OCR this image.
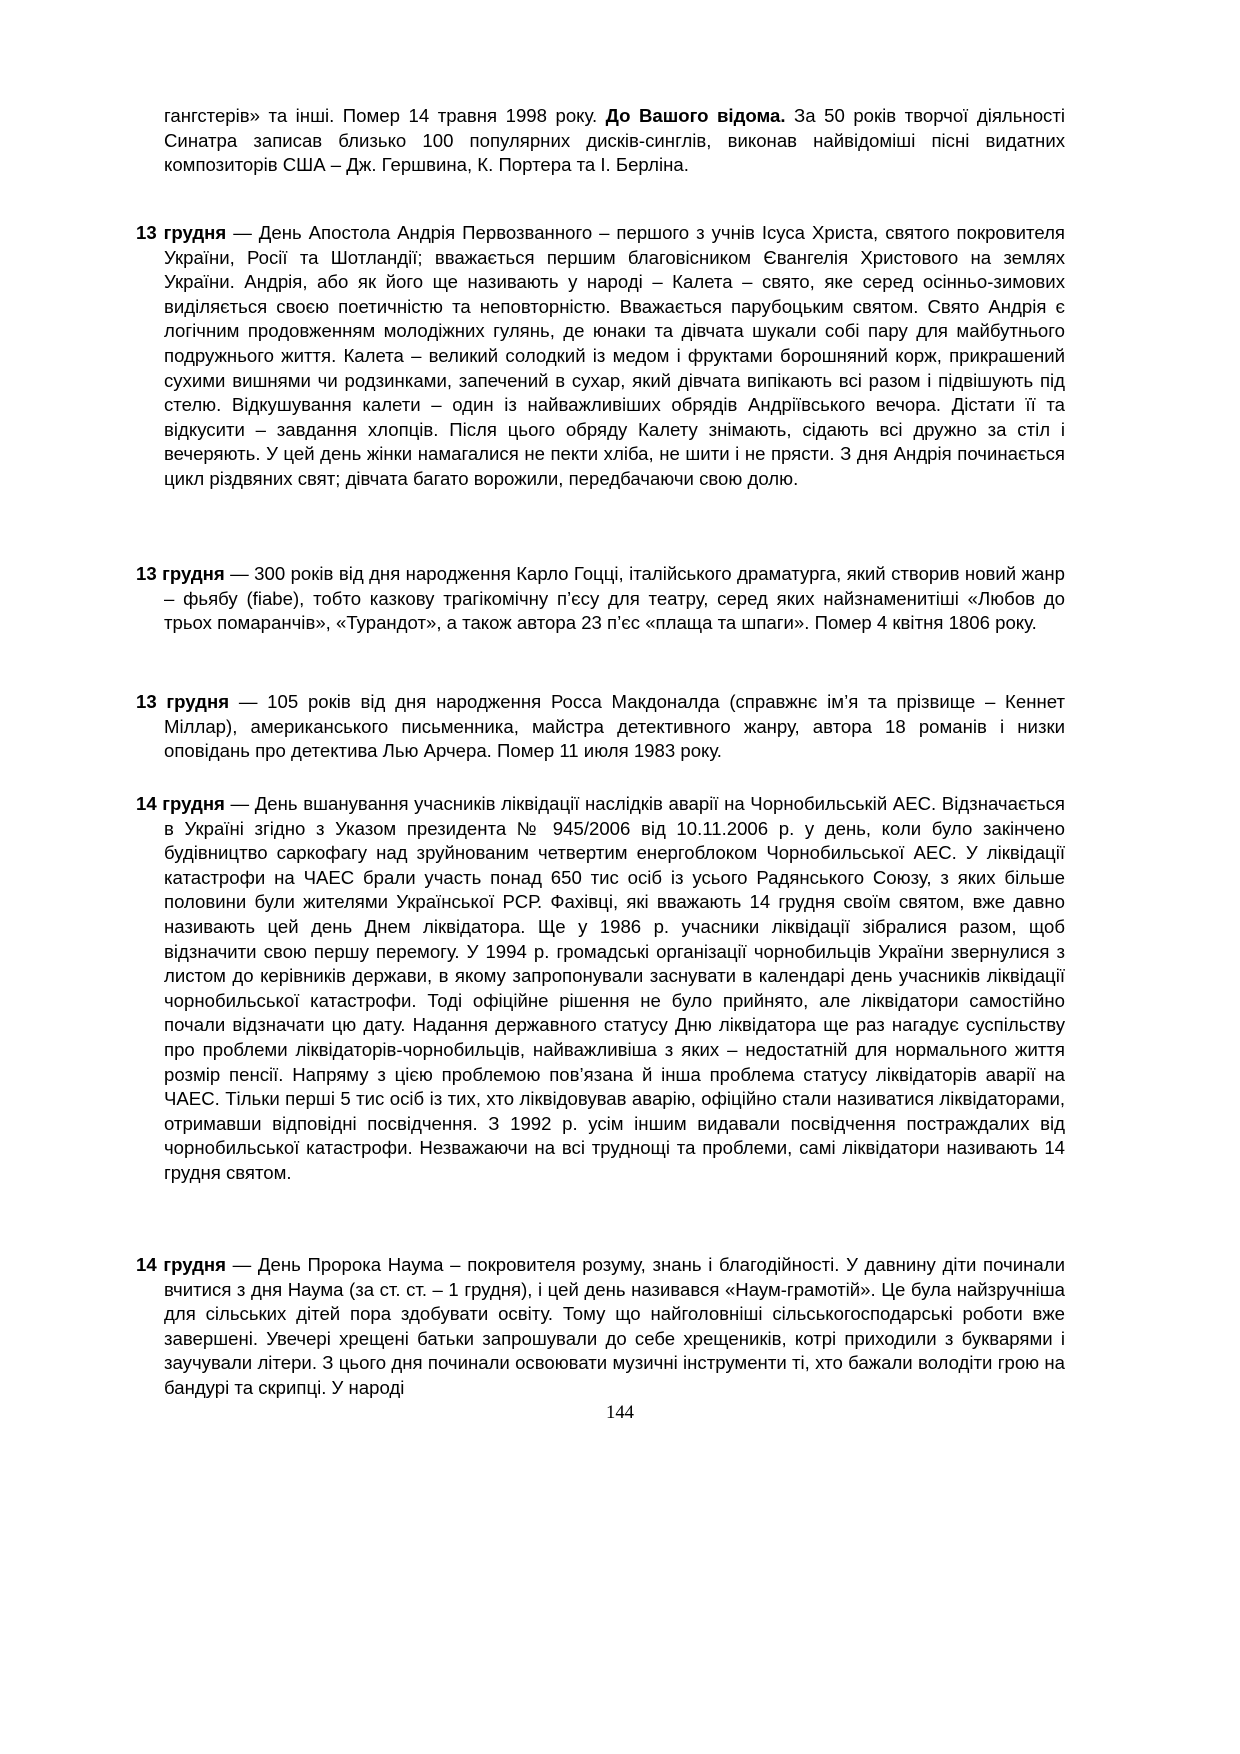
гангстерів» та інші. Помер 14 травня 1998 року. До Вашого відома. За 50 років творчої діяльності Синатра записав близько 100 популярних дисків-синглів, виконав найвідоміші пісні видатних композиторів США – Дж. Гершвина, К. Портера та І. Берліна.

13 грудня — День Апостола Андрія Первозванного – першого з учнів Ісуса Христа, святого покровителя України, Росії та Шотландії; вважається першим благовісником Євангелія Христового на землях України. Андрія, або як його ще називають у народі – Калета – свято, яке серед осінньо-зимових виділяється своєю поетичністю та неповторністю. Вважається парубоцьким святом. Свято Андрія є логічним продовженням молодіжних гулянь, де юнаки та дівчата шукали собі пару для майбутнього подружнього життя. Калета – великий солодкий із медом і фруктами борошняний корж, прикрашений сухими вишнями чи родзинками, запечений в сухар, який дівчата випікають всі разом і підвішують під стелю. Відкушування калети – один із найважливіших обрядів Андріївського вечора. Дістати її та відкусити – завдання хлопців. Після цього обряду Калету знімають, сідають всі дружно за стіл і вечеряють. У цей день жінки намагалися не пекти хліба, не шити і не прясти. З дня Андрія починається цикл різдвяних свят; дівчата багато ворожили, передбачаючи свою долю.

13 грудня — 300 років від дня народження Карло Гоцці, італійського драматурга, який створив новий жанр – фьябу (fiabe), тобто казкову трагікомічну п’єсу для театру, серед яких найзнаменитіші «Любов до трьох помаранчів», «Турандот», а також автора 23 п’єс «плаща та шпаги». Помер 4 квітня 1806 року.

13 грудня — 105 років від дня народження Росса Макдоналда (справжнє ім’я та прізвище – Кеннет Міллар), американського письменника, майстра детективного жанру, автора 18 романів і низки оповідань про детектива Лью Арчера. Помер 11 июля 1983 року.

14 грудня — День вшанування учасників ліквідації наслідків аварії на Чорнобильській АЕС. Відзначається в Україні згідно з Указом президента № 945/2006 від 10.11.2006 р. у день, коли було закінчено будівництво саркофагу над зруйнованим четвертим енергоблоком Чорнобильської АЕС. У ліквідації катастрофи на ЧАЕС брали участь понад 650 тис осіб із усього Радянського Союзу, з яких більше половини були жителями Української РСР. Фахівці, які вважають 14 грудня своїм святом, вже давно називають цей день Днем ліквідатора. Ще у 1986 р. учасники ліквідації зібралися разом, щоб відзначити свою першу перемогу. У 1994 р. громадські організації чорнобильців України звернулися з листом до керівників держави, в якому запропонували заснувати в календарі день учасників ліквідації чорнобильської катастрофи. Тоді офіційне рішення не було прийнято, але ліквідатори самостійно почали відзначати цю дату. Надання державного статусу Дню ліквідатора ще раз нагадує суспільству про проблеми ліквідаторів-чорнобильців, найважливіша з яких – недостатній для нормального життя розмір пенсії. Напряму з цією проблемою пов’язана й інша проблема статусу ліквідаторів аварії на ЧАЕС. Тільки перші 5 тис осіб із тих, хто ліквідовував аварію, офіційно стали називатися ліквідаторами, отримавши відповідні посвідчення. З 1992 р. усім іншим видавали посвідчення постраждалих від чорнобильської катастрофи. Незважаючи на всі труднощі та проблеми, самі ліквідатори називають 14 грудня святом.

14 грудня — День Пророка Наума – покровителя розуму, знань і благодійності. У давнину діти починали вчитися з дня Наума (за ст. ст. – 1 грудня), і цей день називався «Наум-грамотій». Це була найзручніша для сільських дітей пора здобувати освіту. Тому що найголовніші сільськогосподарські роботи вже завершені. Увечері хрещені батьки запрошували до себе хрещеників, котрі приходили з букварями і заучували літери. З цього дня починали освоювати музичні інструменти ті, хто бажали володіти грою на бандурі та скрипці. У народі

144
